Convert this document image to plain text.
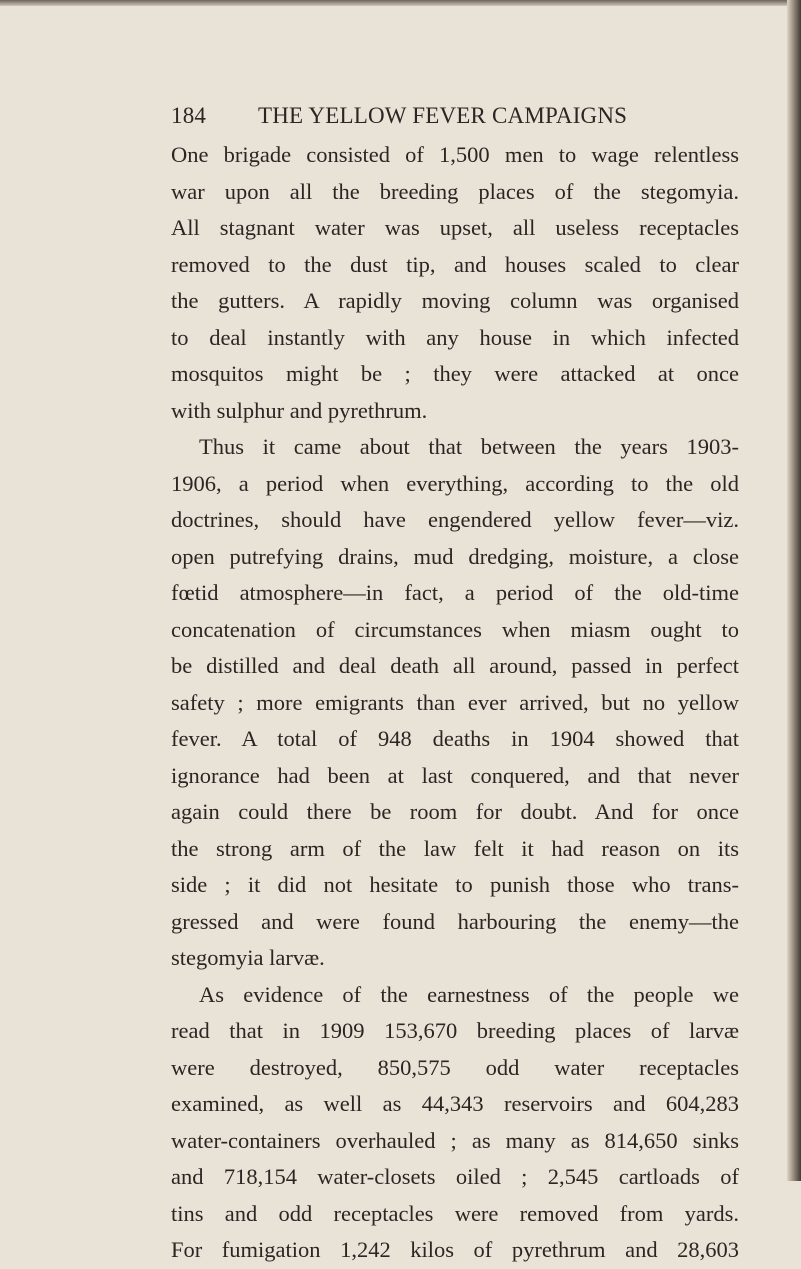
184 THE YELLOW FEVER CAMPAIGNS
One brigade consisted of 1,500 men to wage relentless
war upon all the breeding places of the stegomyia.
All stagnant water was upset, all useless receptacles
removed to the dust tip, and houses scaled to clear
the gutters. A rapidly moving column was organised
to deal instantly with any house in which infected
mosquitos might be ; they were attacked at once
with sulphur and pyrethrum.
Thus it came about that between the years 1903-
1906, a period when everything, according to the old
doctrines, should have engendered yellow fever—viz.
open putrefying drains, mud dredging, moisture, a close
fœtid atmosphere—in fact, a period of the old-time
concatenation of circumstances when miasm ought to
be distilled and deal death all around, passed in perfect
safety ; more emigrants than ever arrived, but no yellow
fever. A total of 948 deaths in 1904 showed that
ignorance had been at last conquered, and that never
again could there be room for doubt. And for once
the strong arm of the law felt it had reason on its
side ; it did not hesitate to punish those who trans-
gressed and were found harbouring the enemy—the
stegomyia larvæ.
As evidence of the earnestness of the people we
read that in 1909 153,670 breeding places of larvæ
were destroyed, 850,575 odd water receptacles
examined, as well as 44,343 reservoirs and 604,283
water-containers overhauled ; as many as 814,650 sinks
and 718,154 water-closets oiled ; 2,545 cartloads of
tins and odd receptacles were removed from yards.
For fumigation 1,242 kilos of pyrethrum and 28,603
